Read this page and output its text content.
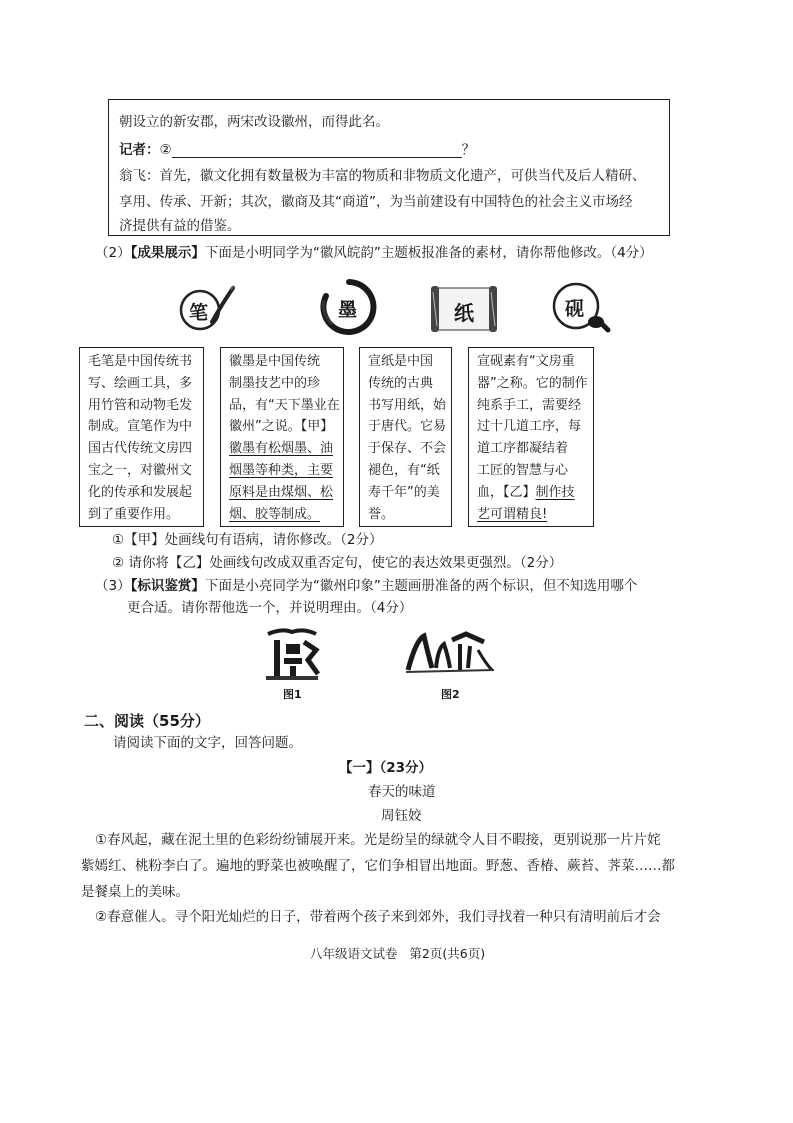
朝设立的新安郡，两宋改设徽州，而得此名。
记者：②	？
翁飞：首先，徽文化拥有数量极为丰富的物质和非物质文化遗产，可供当代及后人精研、
享用、传承、开新；其次，徽商及其“商道”，为当前建设有中国特色的社会主义市场经
济提供有益的借鉴。
（2）【成果展示】下面是小明同学为“徽风皖韵”主题板报准备的素材，请你帮他修改。（4分）
笔	墨	纸	砚
毛笔是中国传统书
写、绘画工具，多
用竹管和动物毛发
制成。宣笔作为中
国古代传统文房四
宝之一，对徽州文
化的传承和发展起
到了重要作用。
徽墨是中国传统
制墨技艺中的珍
品，有“天下墨业在
徽州”之说。【甲】
徽墨有松烟墨、油
烟墨等种类，主要
原料是由煤烟、松
烟、胶等制成。
宣纸是中国
传统的古典
书写用纸，始
于唐代。它易
于保存、不会
褪色，有“纸
寿千年”的美
誉。
宣砚素有“文房重
器”之称。它的制作
纯系手工，需要经
过十几道工序，每
道工序都凝结着
工匠的智慧与心
血，【乙】制作技
艺可谓精良!
①【甲】处画线句有语病，请你修改。（2分）
② 请你将【乙】处画线句改成双重否定句，使它的表达效果更强烈。（2分）
（3）【标识鉴赏】下面是小亮同学为“徽州印象”主题画册准备的两个标识，但不知选用哪个
更合适。请你帮他选一个，并说明理由。（4分）
图1	图2
二、阅读（55分）
请阅读下面的文字，回答问题。
【一】（23分）
春天的味道
周钰姣
①春风起，藏在泥土里的色彩纷纷铺展开来。光是纷呈的绿就令人目不暇接，更别说那一片片姹
紫嫣红、桃粉李白了。遍地的野菜也被唤醒了，它们争相冒出地面。野葱、香椿、蕨苔、荠菜……都
是餐桌上的美味。
②春意催人。寻个阳光灿烂的日子，带着两个孩子来到郊外，我们寻找着一种只有清明前后才会
八年级语文试卷   第2页(共6页)
